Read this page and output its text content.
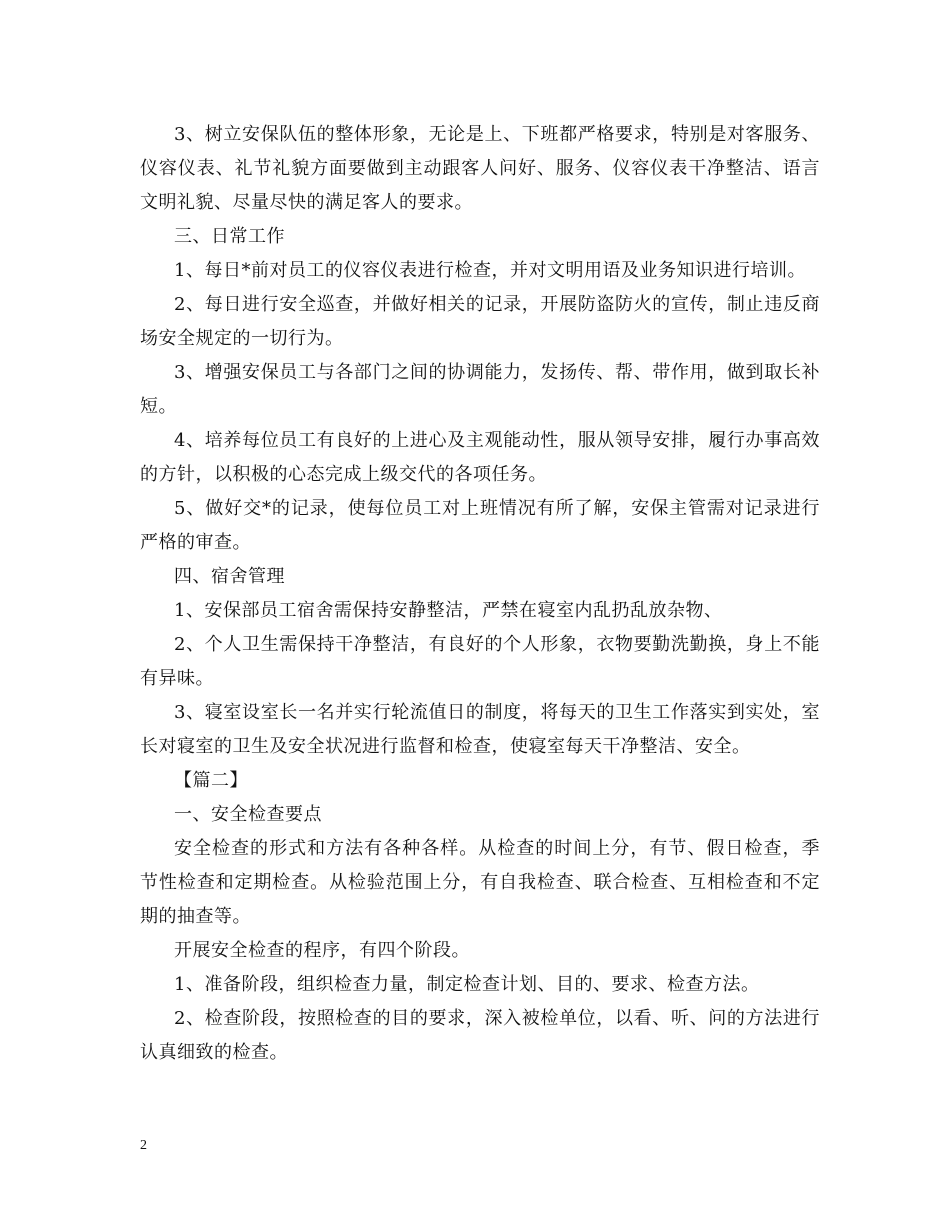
3、树立安保队伍的整体形象，无论是上、下班都严格要求，特别是对客服务、仪容仪表、礼节礼貌方面要做到主动跟客人问好、服务、仪容仪表干净整洁、语言文明礼貌、尽量尽快的满足客人的要求。

三、日常工作

1、每日*前对员工的仪容仪表进行检查，并对文明用语及业务知识进行培训。

2、每日进行安全巡查，并做好相关的记录，开展防盗防火的宣传，制止违反商场安全规定的一切行为。

3、增强安保员工与各部门之间的协调能力，发扬传、帮、带作用，做到取长补短。

4、培养每位员工有良好的上进心及主观能动性，服从领导安排，履行办事高效的方针，以积极的心态完成上级交代的各项任务。

5、做好交*的记录，使每位员工对上班情况有所了解，安保主管需对记录进行严格的审查。

四、宿舍管理

1、安保部员工宿舍需保持安静整洁，严禁在寝室内乱扔乱放杂物、

2、个人卫生需保持干净整洁，有良好的个人形象，衣物要勤洗勤换，身上不能有异味。

3、寝室设室长一名并实行轮流值日的制度，将每天的卫生工作落实到实处，室长对寝室的卫生及安全状况进行监督和检查，使寝室每天干净整洁、安全。

【篇二】

一、安全检查要点

安全检查的形式和方法有各种各样。从检查的时间上分，有节、假日检查，季节性检查和定期检查。从检验范围上分，有自我检查、联合检查、互相检查和不定期的抽查等。

开展安全检查的程序，有四个阶段。

1、准备阶段，组织检查力量，制定检查计划、目的、要求、检查方法。

2、检查阶段，按照检查的目的要求，深入被检单位，以看、听、问的方法进行认真细致的检查。

2
